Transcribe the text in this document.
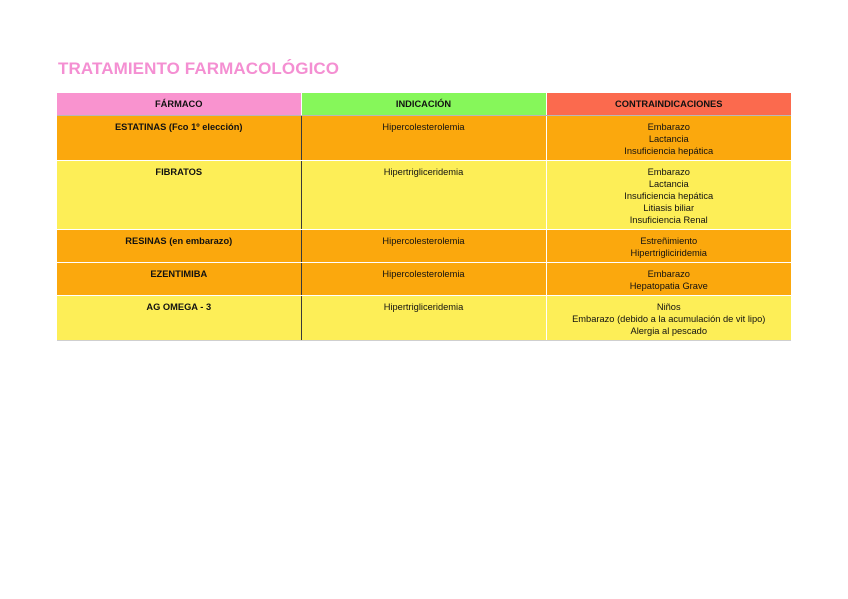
TRATAMIENTO FARMACOLÓGICO
FÁRMACO	INDICACIÓN	CONTRAINDICACIONES
ESTATINAS (Fco 1º elección)	Hipercolesterolemia	Embarazo
Lactancia
Insuficiencia hepática

FIBRATOS	Hipertrigliceridemia	Embarazo
Lactancia
Insuficiencia hepática
Litiasis biliar
Insuficiencia Renal

RESINAS (en embarazo)	Hipercolesterolemia	Estreñimiento
Hipertrigliciridemia

EZENTIMIBA	Hipercolesterolemia	Embarazo
Hepatopatia Grave

AG OMEGA - 3	Hipertrigliceridemia	Niños
Embarazo (debido a la acumulación de vit lipo)
Alergia al pescado
